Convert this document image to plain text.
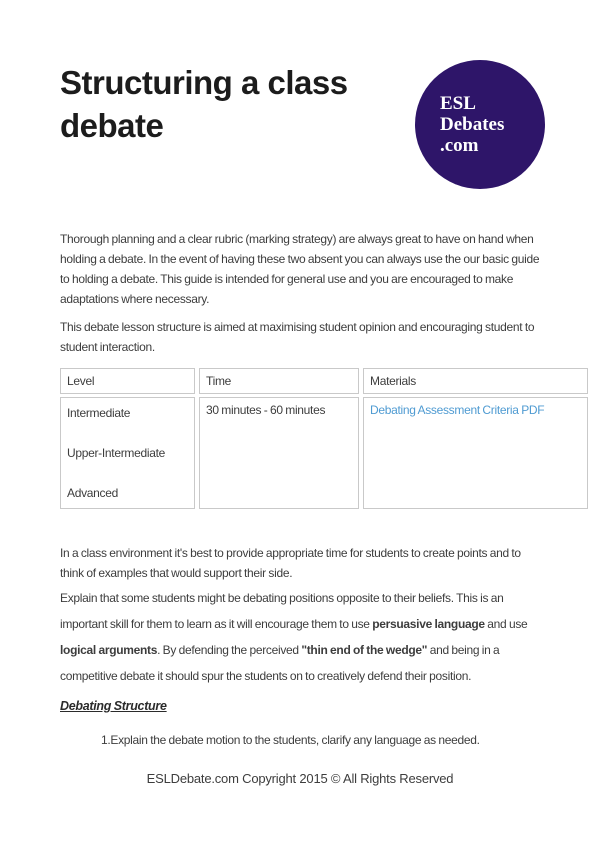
Structuring a class debate
ESL
Debates
.com

Thorough planning and a clear rubric (marking strategy) are always great to have on hand when holding a debate. In the event of having these two absent you can always use the our basic guide to holding a debate. This guide is intended for general use and you are encouraged to make adaptations where necessary.

This debate lesson structure is aimed at maximising student opinion and encouraging student to student interaction.

Level	Time	Materials

Intermediate
Upper-Intermediate
Advanced	30 minutes - 60 minutes	Debating Assessment Criteria PDF

In a class environment it's best to provide appropriate time for students to create points and to think of examples that would support their side.

Explain that some students might be debating positions opposite to their beliefs. This is an important skill for them to learn as it will encourage them to use persuasive language and use logical arguments. By defending the perceived "thin end of the wedge" and being in a competitive debate it should spur the students on to creatively defend their position.

Debating Structure
1.Explain the debate motion to the students, clarify any language as needed.
ESLDebate.com Copyright 2015 © All Rights Reserved
